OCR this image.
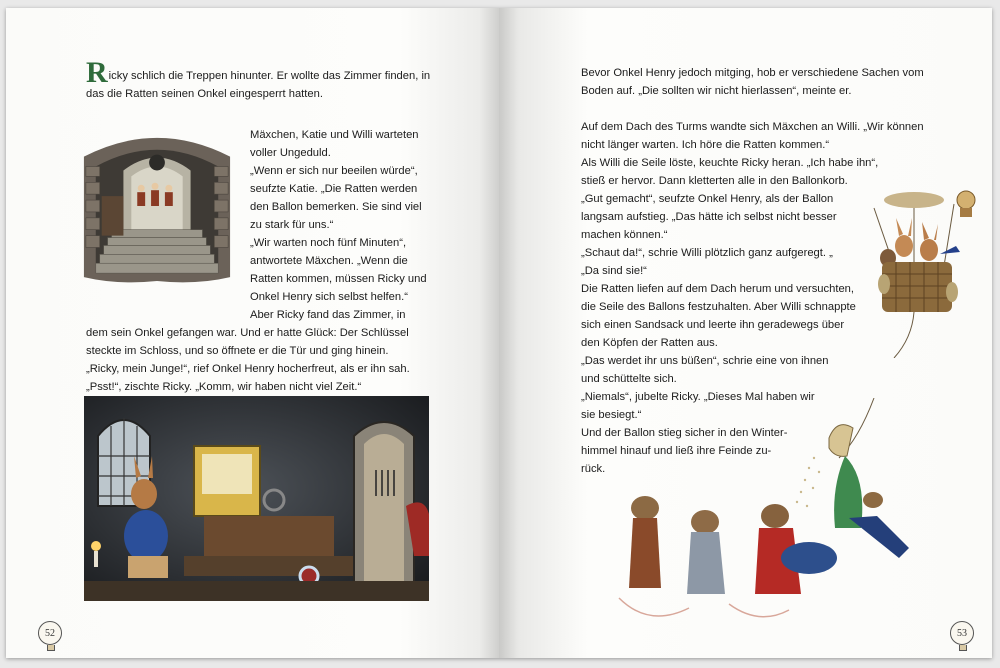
Ricky schlich die Treppen hinunter. Er wollte das Zimmer finden, in

das die Ratten seinen Onkel eingesperrt hatten.

Mäxchen, Katie und Willi warteten

voller Ungeduld.

„Wenn er sich nur beeilen würde“,

seufzte Katie. „Die Ratten werden

den Ballon bemerken. Sie sind viel

zu stark für uns.“

„Wir warten noch fünf Minuten“,

antwortete Mäxchen. „Wenn die

Ratten kommen, müssen Ricky und

Onkel Henry sich selbst helfen.“

Aber Ricky fand das Zimmer, in

dem sein Onkel gefangen war. Und er hatte Glück: Der Schlüssel

steckte im Schloss, und so öffnete er die Tür und ging hinein.

„Ricky, mein Junge!“, rief Onkel Henry hocherfreut, als er ihn sah.

„Psst!“, zischte Ricky. „Komm, wir haben nicht viel Zeit.“

52

Bevor Onkel Henry jedoch mitging, hob er verschiedene Sachen vom

Boden auf. „Die sollten wir nicht hierlassen“, meinte er.

Auf dem Dach des Turms wandte sich Mäxchen an Willi. „Wir können

nicht länger warten. Ich höre die Ratten kommen.“

Als Willi die Seile löste, keuchte Ricky heran. „Ich habe ihn“,

stieß er hervor. Dann kletterten alle in den Ballonkorb.

„Gut gemacht“, seufzte Onkel Henry, als der Ballon

langsam aufstieg. „Das hätte ich selbst nicht besser

machen können.“

„Schaut da!“, schrie Willi plötzlich ganz aufgeregt. „

„Da sind sie!“

Die Ratten liefen auf dem Dach herum und versuchten,

die Seile des Ballons festzuhalten. Aber Willi schnappte

sich einen Sandsack und leerte ihn geradewegs über

den Köpfen der Ratten aus.

„Das werdet ihr uns büßen“, schrie eine von ihnen

und schüttelte sich.

„Niemals“, jubelte Ricky. „Dieses Mal haben wir

sie besiegt.“

Und der Ballon stieg sicher in den Winter-

himmel hinauf und ließ ihre Feinde zu-

rück.

53
